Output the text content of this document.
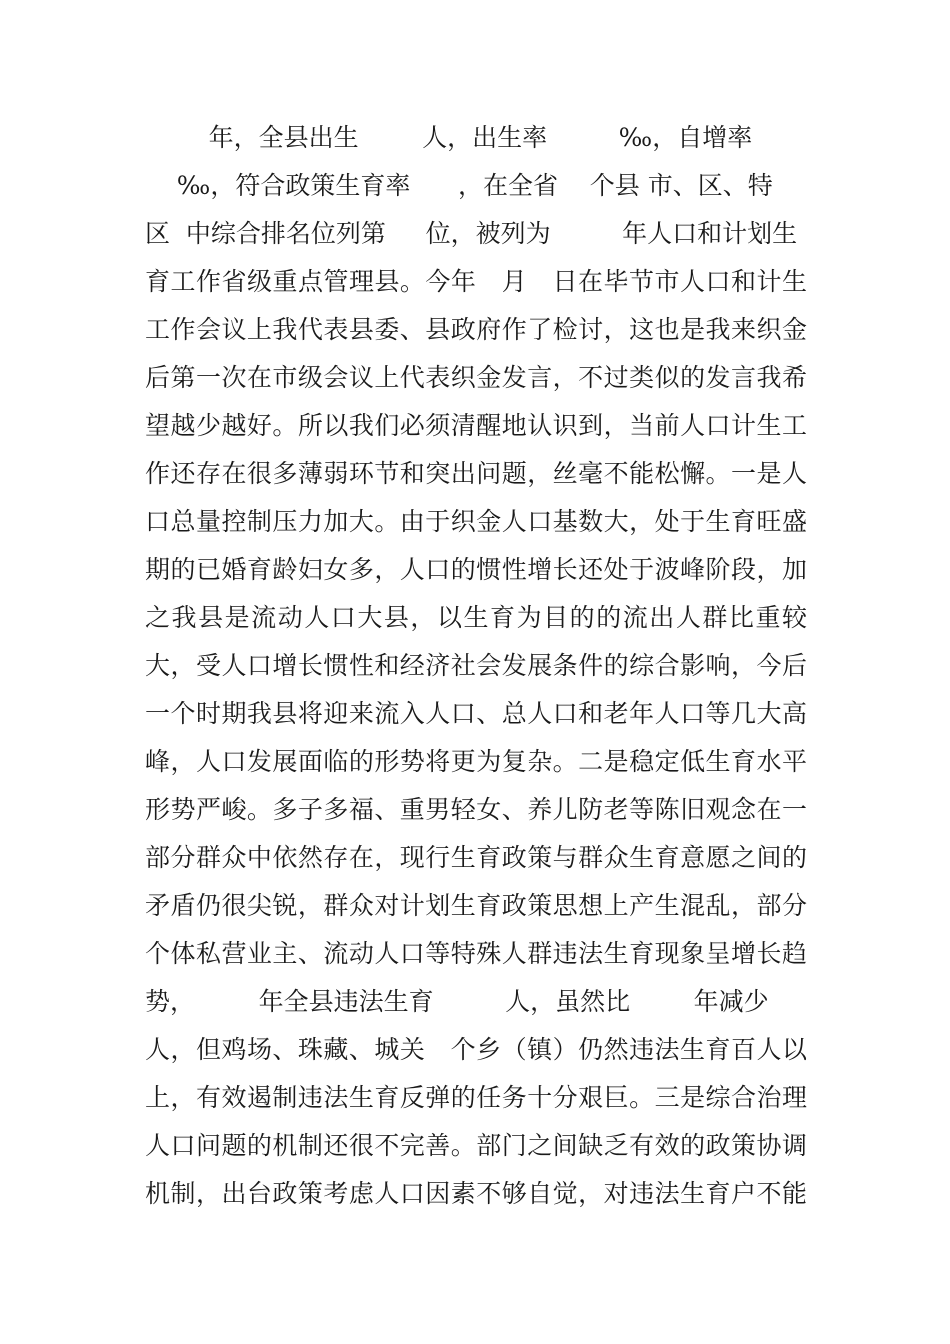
年，全县出生        人，出生率         ‰，自增率
‰，符合政策生育率      ，在全省    个县 市、区、特
区  中综合排名位列第     位，被列为         年人口和计划生
育工作省级重点管理县。今年   月   日在毕节市人口和计生
工作会议上我代表县委、县政府作了检讨，这也是我来织金
后第一次在市级会议上代表织金发言，不过类似的发言我希
望越少越好。所以我们必须清醒地认识到，当前人口计生工
作还存在很多薄弱环节和突出问题，丝毫不能松懈。一是人
口总量控制压力加大。由于织金人口基数大，处于生育旺盛
期的已婚育龄妇女多，人口的惯性增长还处于波峰阶段，加
之我县是流动人口大县，以生育为目的的流出人群比重较
大，受人口增长惯性和经济社会发展条件的综合影响，今后
一个时期我县将迎来流入人口、总人口和老年人口等几大高
峰，人口发展面临的形势将更为复杂。二是稳定低生育水平
形势严峻。多子多福、重男轻女、养儿防老等陈旧观念在一
部分群众中依然存在，现行生育政策与群众生育意愿之间的
矛盾仍很尖锐，群众对计划生育政策思想上产生混乱，部分
个体私营业主、流动人口等特殊人群违法生育现象呈增长趋
势，        年全县违法生育         人，虽然比        年减少
人，但鸡场、珠藏、城关   个乡（镇）仍然违法生育百人以
上，有效遏制违法生育反弹的任务十分艰巨。三是综合治理
人口问题的机制还很不完善。部门之间缺乏有效的政策协调
机制，出台政策考虑人口因素不够自觉，对违法生育户不能
